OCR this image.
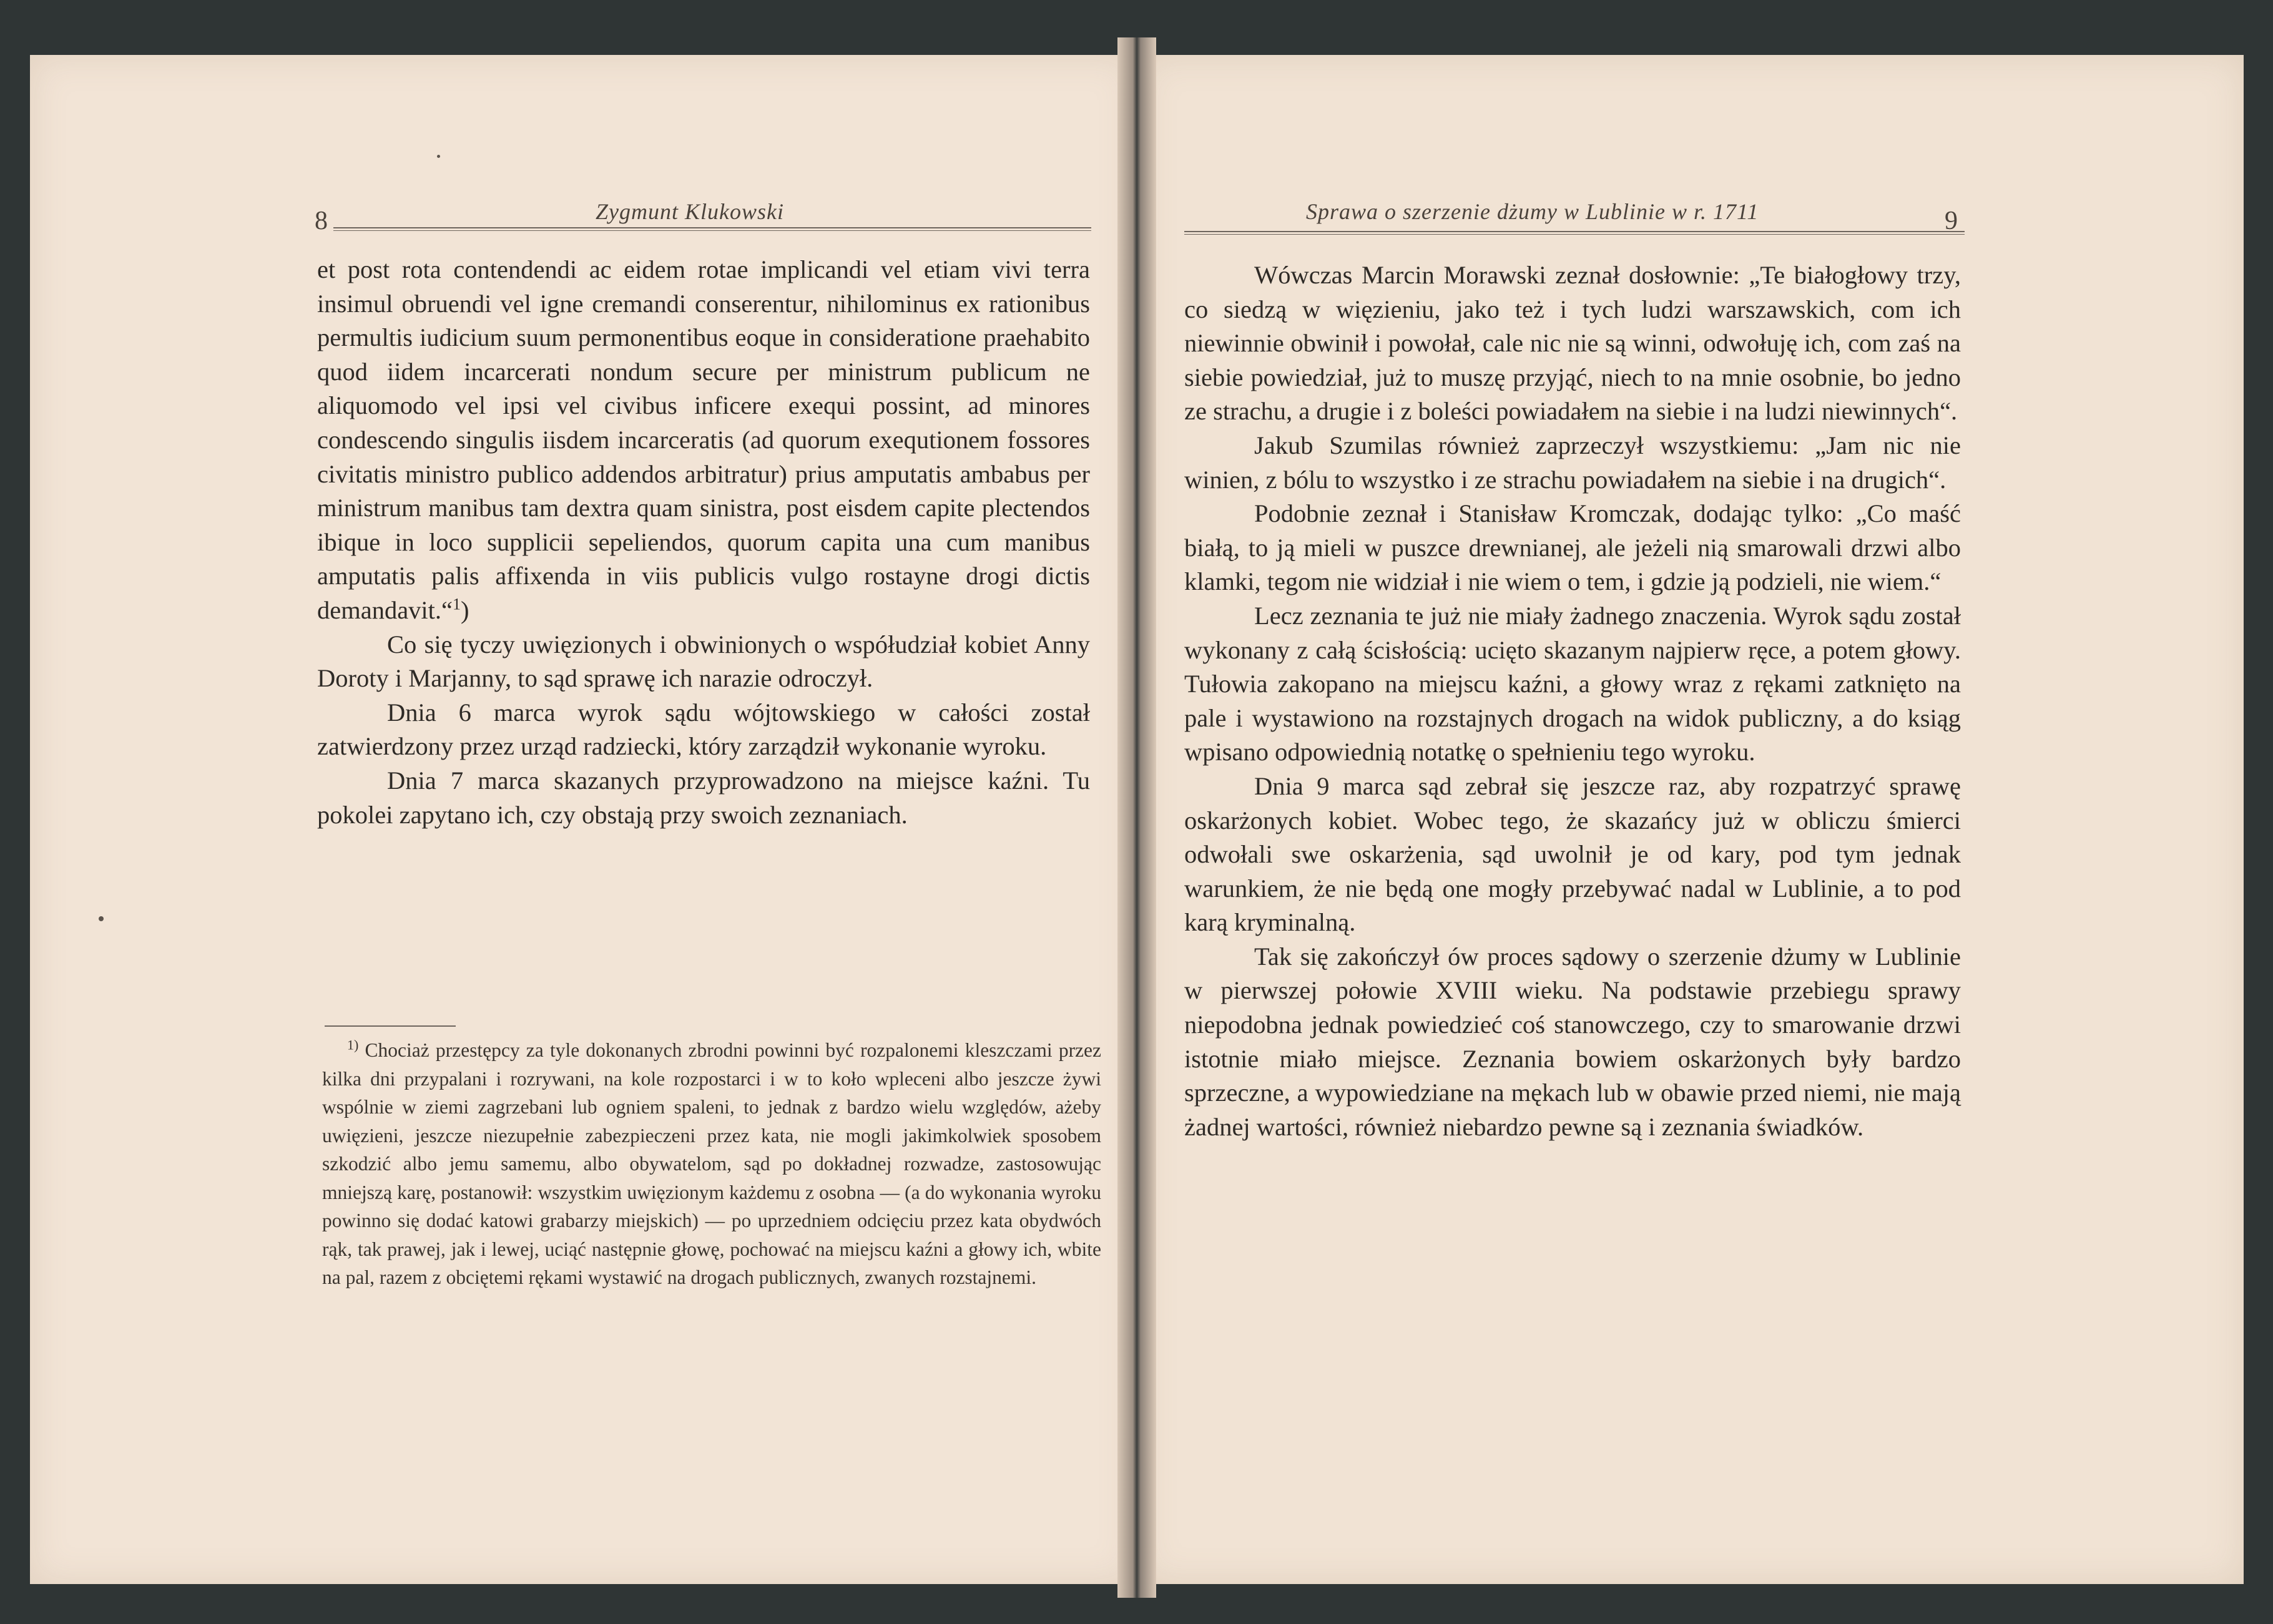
8	Zygmunt Klukowski

et post rota contendendi ac eidem rotae implicandi vel etiam vivi terra insimul obruendi vel igne cremandi conserentur, nihilominus ex rationibus permultis iudicium suum permonentibus eoque in consideratione praehabito quod iidem incarcerati nondum secure per ministrum publicum ne aliquomodo vel ipsi vel civibus inficere exequi possint, ad minores condescendo singulis iisdem incarceratis (ad quorum exequtionem fossores civitatis ministro publico addendos arbitratur) prius amputatis ambabus per ministrum manibus tam dextra quam sinistra, post eisdem capite plectendos ibique in loco supplicii sepeliendos, quorum capita una cum manibus amputatis palis affixenda in viis publicis vulgo rostayne drogi dictis demandavit.“$^1$)

Co się tyczy uwięzionych i obwinionych o współudział kobiet Anny Doroty i Marjanny, to sąd sprawę ich narazie odroczył.

Dnia 6 marca wyrok sądu wójtowskiego w całości został zatwierdzony przez urząd radziecki, który zarządził wykonanie wyroku.

Dnia 7 marca skazanych przyprowadzono na miejsce kaźni. Tu pokolei zapytano ich, czy obstają przy swoich zeznaniach.

$^{1)}$ Chociaż przestępcy za tyle dokonanych zbrodni powinni być rozpalonemi kleszczami przez kilka dni przypalani i rozrywani, na kole rozpostarci i w to koło wpleceni albo jeszcze żywi wspólnie w ziemi zagrzebani lub ogniem spaleni, to jednak z bardzo wielu względów, ażeby uwięzieni, jeszcze niezupełnie zabezpieczeni przez kata, nie mogli jakimkolwiek sposobem szkodzić albo jemu samemu, albo obywatelom, sąd po dokładnej rozwadze, zastosowując mniejszą karę, postanowił: wszystkim uwięzionym każdemu z osobna — (a do wykonania wyroku powinno się dodać katowi grabarzy miejskich) — po uprzedniem odcięciu przez kata obydwóch rąk, tak prawej, jak i lewej, uciąć następnie głowę, pochować na miejscu kaźni a głowy ich, wbite na pal, razem z obciętemi rękami wystawić na drogach publicznych, zwanych rozstajnemi.

Sprawa o szerzenie dżumy w Lublinie w r. 1711	9

Wówczas Marcin Morawski zeznał dosłownie: „Te białogłowy trzy, co siedzą w więzieniu, jako też i tych ludzi warszawskich, com ich niewinnie obwinił i powołał, cale nic nie są winni, odwołuję ich, com zaś na siebie powiedział, już to muszę przyjąć, niech to na mnie osobnie, bo jedno ze strachu, a drugie i z boleści powiadałem na siebie i na ludzi niewinnych“.

Jakub Szumilas również zaprzeczył wszystkiemu: „Jam nic nie winien, z bólu to wszystko i ze strachu powiadałem na siebie i na drugich“.

Podobnie zeznał i Stanisław Kromczak, dodając tylko: „Co maść białą, to ją mieli w puszce drewnianej, ale jeżeli nią smarowali drzwi albo klamki, tegom nie widział i nie wiem o tem, i gdzie ją podzieli, nie wiem.“

Lecz zeznania te już nie miały żadnego znaczenia. Wyrok sądu został wykonany z całą ścisłością: ucięto skazanym najpierw ręce, a potem głowy. Tułowia zakopano na miejscu kaźni, a głowy wraz z rękami zatknięto na pale i wystawiono na rozstajnych drogach na widok publiczny, a do ksiąg wpisano odpowiednią notatkę o spełnieniu tego wyroku.

Dnia 9 marca sąd zebrał się jeszcze raz, aby rozpatrzyć sprawę oskarżonych kobiet. Wobec tego, że skazańcy już w obliczu śmierci odwołali swe oskarżenia, sąd uwolnił je od kary, pod tym jednak warunkiem, że nie będą one mogły przebywać nadal w Lublinie, a to pod karą kryminalną.

Tak się zakończył ów proces sądowy o szerzenie dżumy w Lublinie w pierwszej połowie XVIII wieku. Na podstawie przebiegu sprawy niepodobna jednak powiedzieć coś stanowczego, czy to smarowanie drzwi istotnie miało miejsce. Zeznania bowiem oskarżonych były bardzo sprzeczne, a wypowiedziane na mękach lub w obawie przed niemi, nie mają żadnej wartości, również niebardzo pewne są i zeznania świadków.
